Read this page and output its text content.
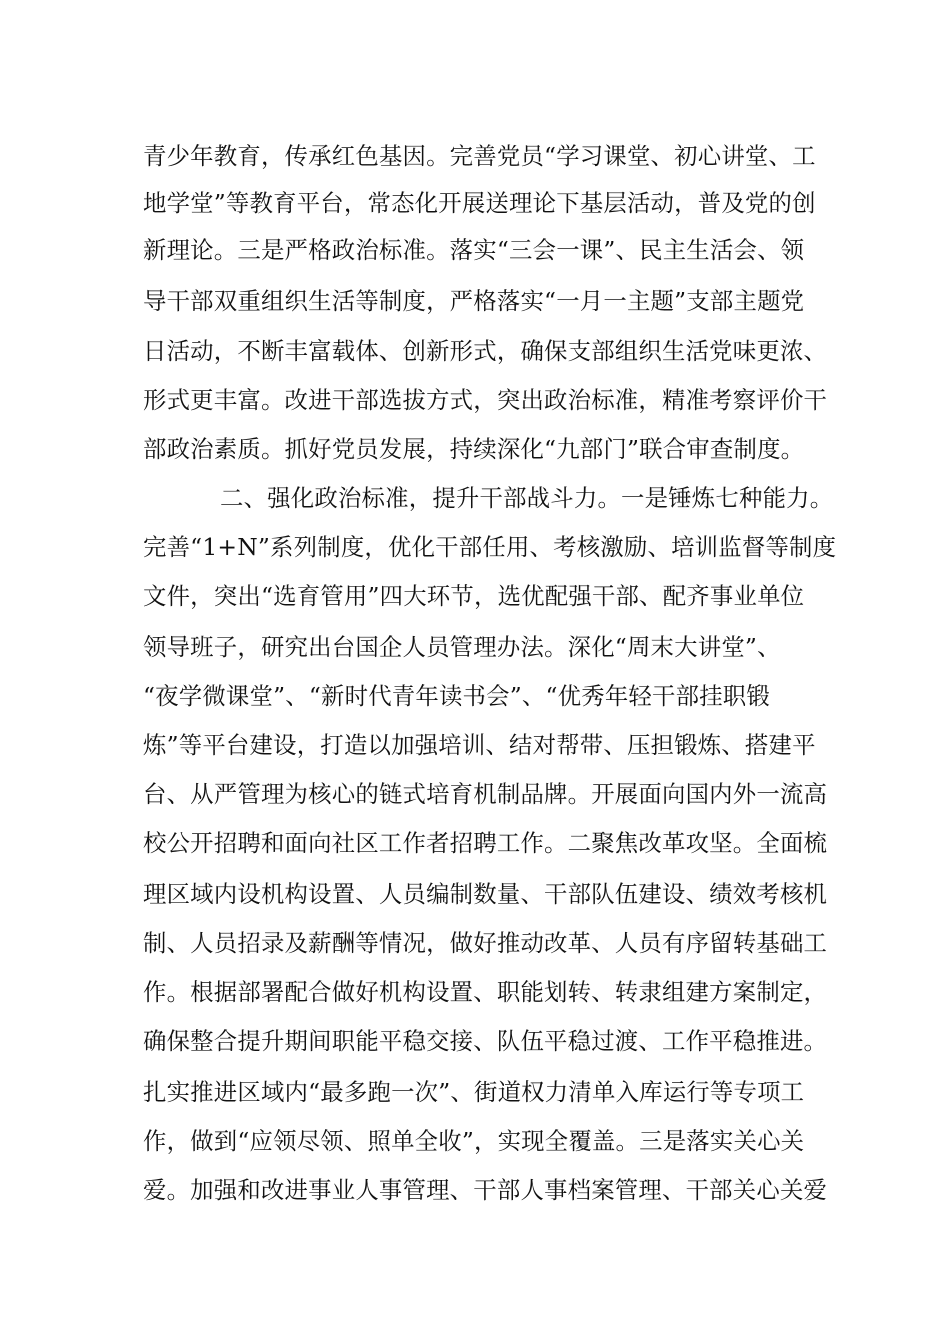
青少年教育，传承红色基因。完善党员“学习课堂、初心讲堂、工
地学堂”等教育平台，常态化开展送理论下基层活动，普及党的创
新理论。三是严格政治标准。落实“三会一课”、民主生活会、领
导干部双重组织生活等制度，严格落实“一月一主题”支部主题党
日活动，不断丰富载体、创新形式，确保支部组织生活党味更浓、
形式更丰富。改进干部选拔方式，突出政治标准，精准考察评价干
部政治素质。抓好党员发展，持续深化“九部门”联合审查制度。
二、强化政治标准，提升干部战斗力。一是锤炼七种能力。
完善“1+N”系列制度，优化干部任用、考核激励、培训监督等制度
文件，突出“选育管用”四大环节，选优配强干部、配齐事业单位
领导班子，研究出台国企人员管理办法。深化“周末大讲堂”、
“夜学微课堂”、“新时代青年读书会”、“优秀年轻干部挂职锻
炼”等平台建设，打造以加强培训、结对帮带、压担锻炼、搭建平
台、从严管理为核心的链式培育机制品牌。开展面向国内外一流高
校公开招聘和面向社区工作者招聘工作。二聚焦改革攻坚。全面梳
理区域内设机构设置、人员编制数量、干部队伍建设、绩效考核机
制、人员招录及薪酬等情况，做好推动改革、人员有序留转基础工
作。根据部署配合做好机构设置、职能划转、转隶组建方案制定，
确保整合提升期间职能平稳交接、队伍平稳过渡、工作平稳推进。
扎实推进区域内“最多跑一次”、街道权力清单入库运行等专项工
作，做到“应领尽领、照单全收”，实现全覆盖。三是落实关心关
爱。加强和改进事业人事管理、干部人事档案管理、干部关心关爱
